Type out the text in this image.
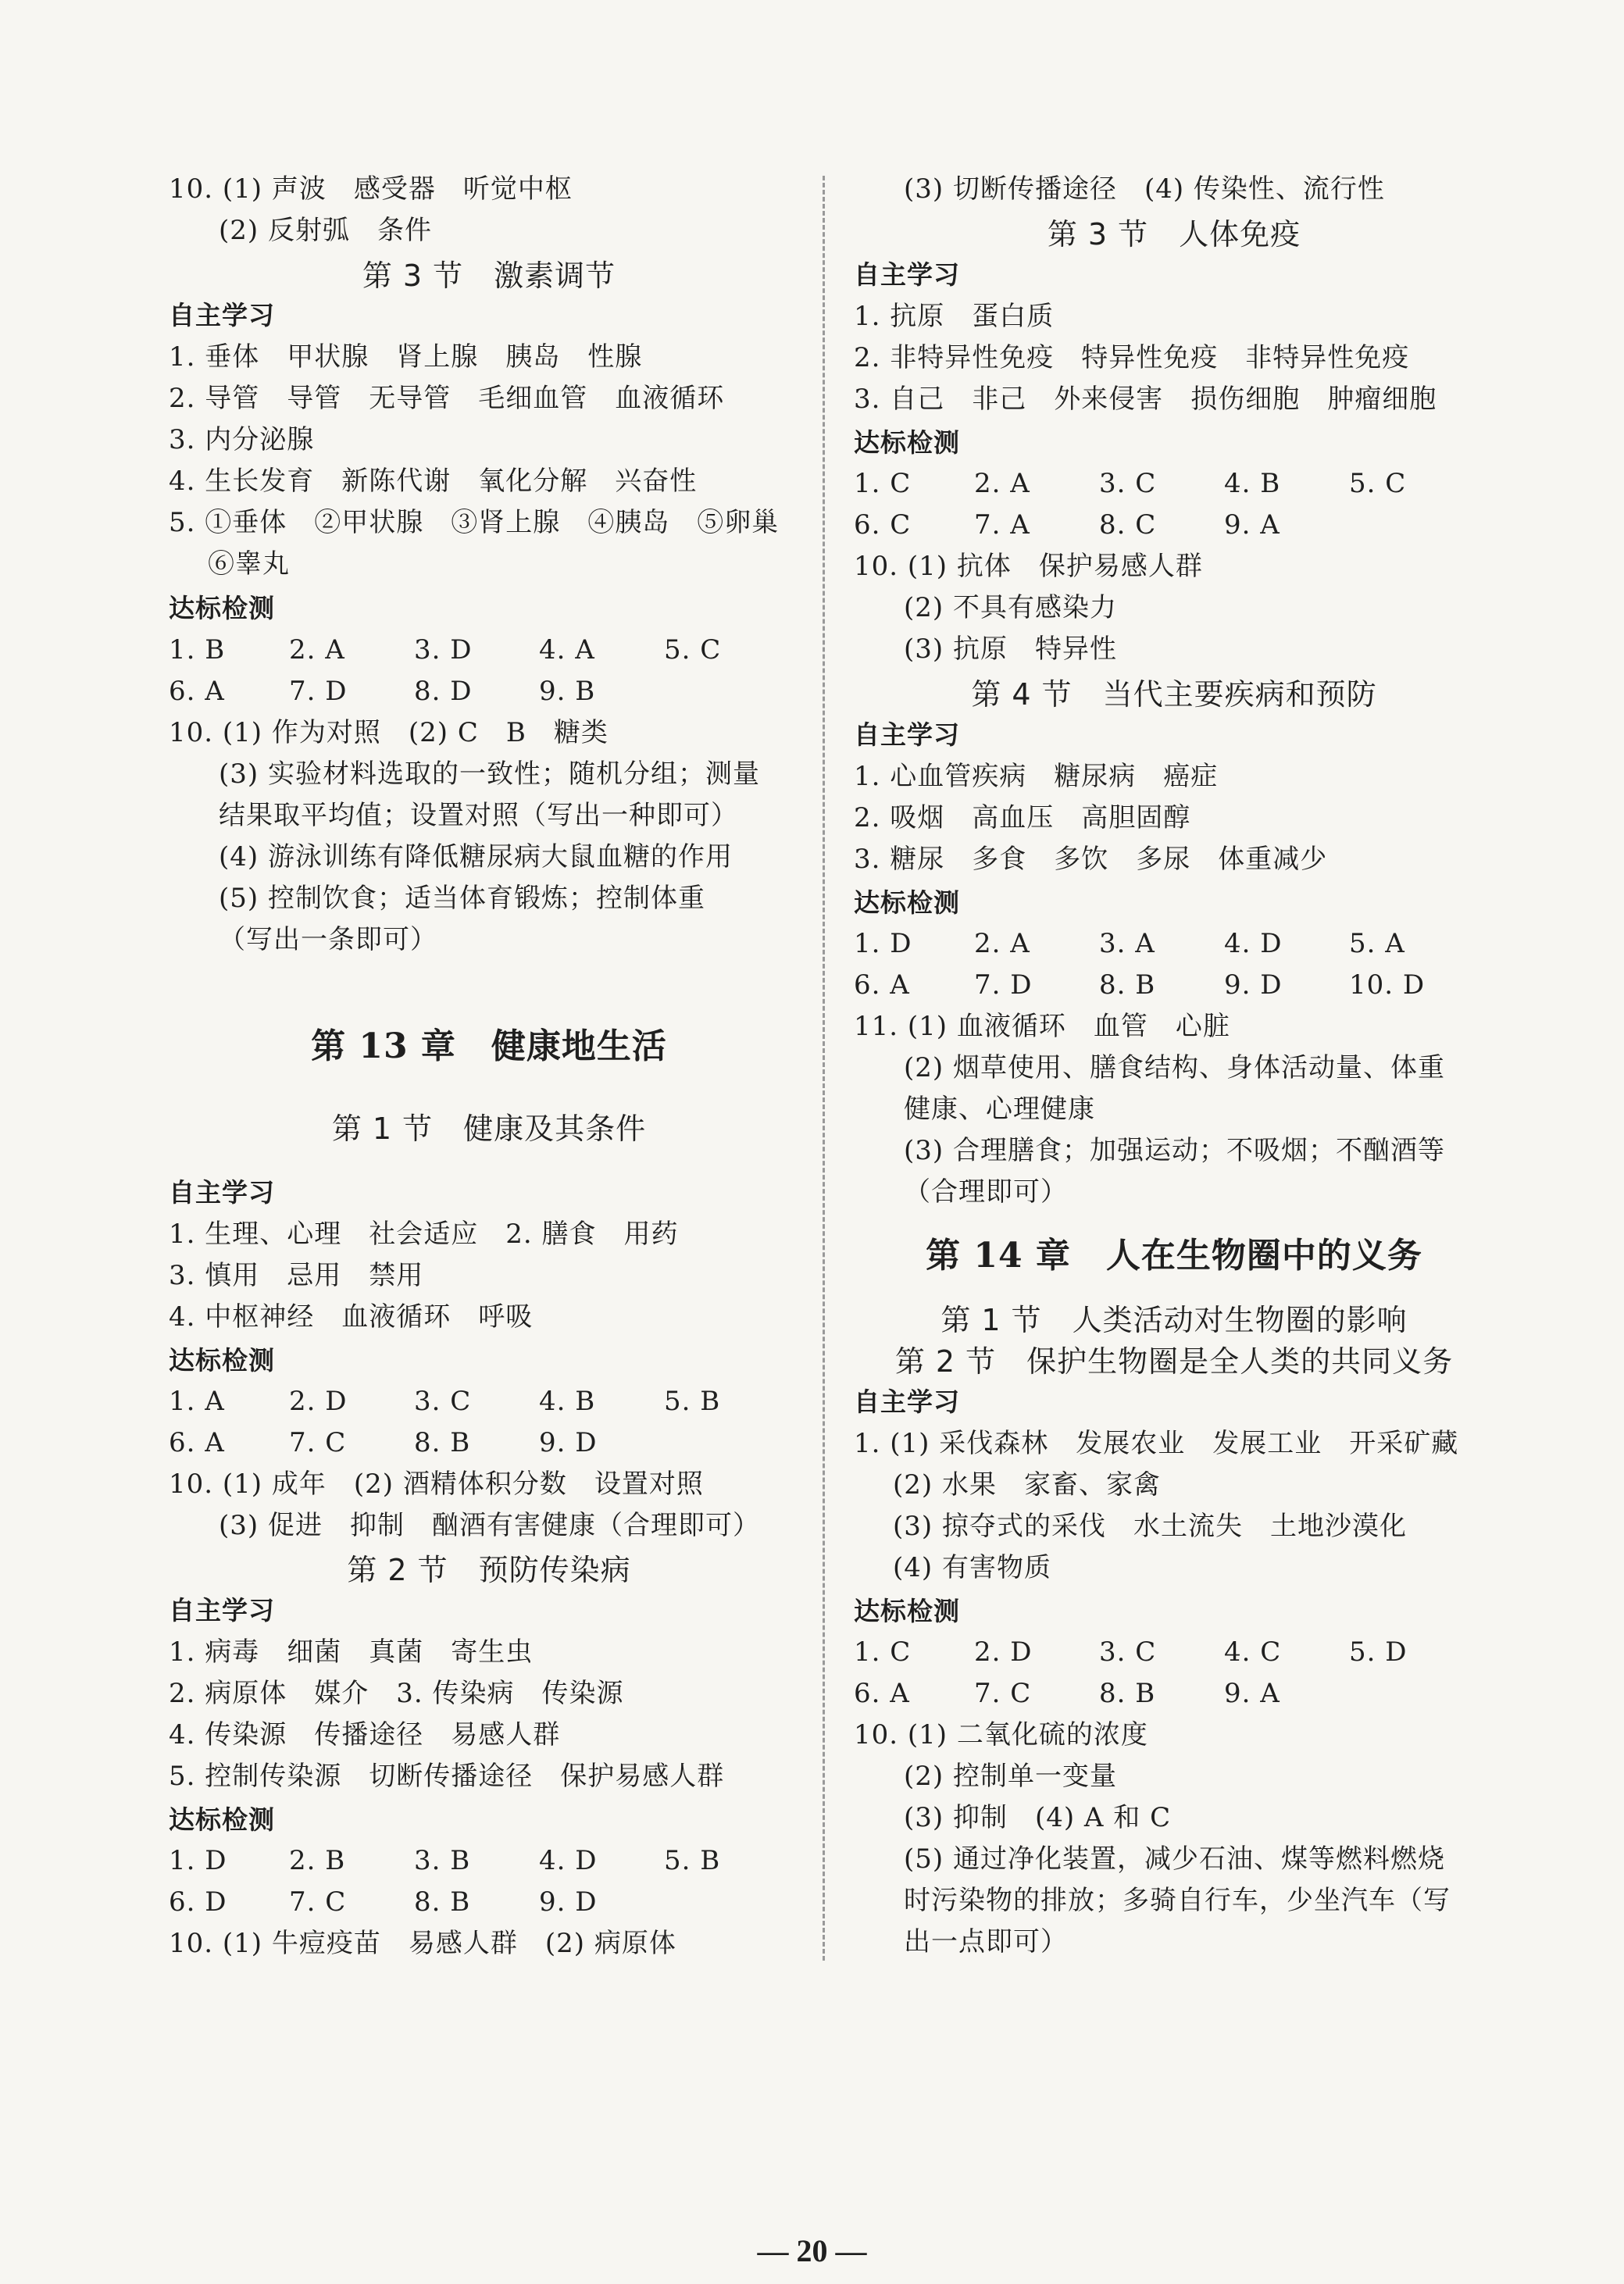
10. (1) 声波　感受器　听觉中枢
(2) 反射弧　条件
第 3 节　激素调节
自主学习
1. 垂体　甲状腺　肾上腺　胰岛　性腺
2. 导管　导管　无导管　毛细血管　血液循环
3. 内分泌腺
4. 生长发育　新陈代谢　氧化分解　兴奋性
5. ①垂体　②甲状腺　③肾上腺　④胰岛　⑤卵巢
⑥睾丸
达标检测
1. B 2. A	3. D	4. A	5. C
6. A 7. D	8. D	9. B
10. (1) 作为对照　(2) C　B　糖类
(3) 实验材料选取的一致性；随机分组；测量
结果取平均值；设置对照（写出一种即可）
(4) 游泳训练有降低糖尿病大鼠血糖的作用
(5) 控制饮食；适当体育锻炼；控制体重
（写出一条即可）
第 13 章　健康地生活
第 1 节　健康及其条件
自主学习
1. 生理、心理　社会适应　2. 膳食　用药
3. 慎用　忌用　禁用
4. 中枢神经　血液循环　呼吸
达标检测
1. A 2. D	3. C	4. B	5. B
6. A 7. C	8. B	9. D
10. (1) 成年　(2) 酒精体积分数　设置对照
(3) 促进　抑制　酗酒有害健康（合理即可）
第 2 节　预防传染病
自主学习
1. 病毒　细菌　真菌　寄生虫
2. 病原体　媒介　3. 传染病　传染源
4. 传染源　传播途径　易感人群
5. 控制传染源　切断传播途径　保护易感人群
达标检测
1. D 2. B	3. B	4. D	5. B
6. D 7. C	8. B	9. D
10. (1) 牛痘疫苗　易感人群　(2) 病原体
(3) 切断传播途径　(4) 传染性、流行性
第 3 节　人体免疫
自主学习
1. 抗原　蛋白质
2. 非特异性免疫　特异性免疫　非特异性免疫
3. 自己　非己　外来侵害　损伤细胞　肿瘤细胞
达标检测
1. C 2. A	3. C	4. B	5. C
6. C 7. A	8. C	9. A
10. (1) 抗体　保护易感人群
(2) 不具有感染力
(3) 抗原　特异性
第 4 节　当代主要疾病和预防
自主学习
1. 心血管疾病　糖尿病　癌症
2. 吸烟　高血压　高胆固醇
3. 糖尿　多食　多饮　多尿　体重减少
达标检测
1. D 2. A	3. A	4. D	5. A
6. A 7. D	8. B	9. D	10. D
11. (1) 血液循环　血管　心脏
(2) 烟草使用、膳食结构、身体活动量、体重
健康、心理健康
(3) 合理膳食；加强运动；不吸烟；不酗酒等
（合理即可）
第 14 章　人在生物圈中的义务
第 1 节　人类活动对生物圈的影响
第 2 节　保护生物圈是全人类的共同义务
自主学习
1. (1) 采伐森林　发展农业　发展工业　开采矿藏
(2) 水果　家畜、家禽
(3) 掠夺式的采伐　水土流失　土地沙漠化
(4) 有害物质
达标检测
1. C 2. D	3. C	4. C	5. D
6. A 7. C	8. B	9. A
10. (1) 二氧化硫的浓度
(2) 控制单一变量
(3) 抑制　(4) A 和 C
(5) 通过净化装置，减少石油、煤等燃料燃烧
时污染物的排放；多骑自行车，少坐汽车（写
出一点即可）
— 20 —
